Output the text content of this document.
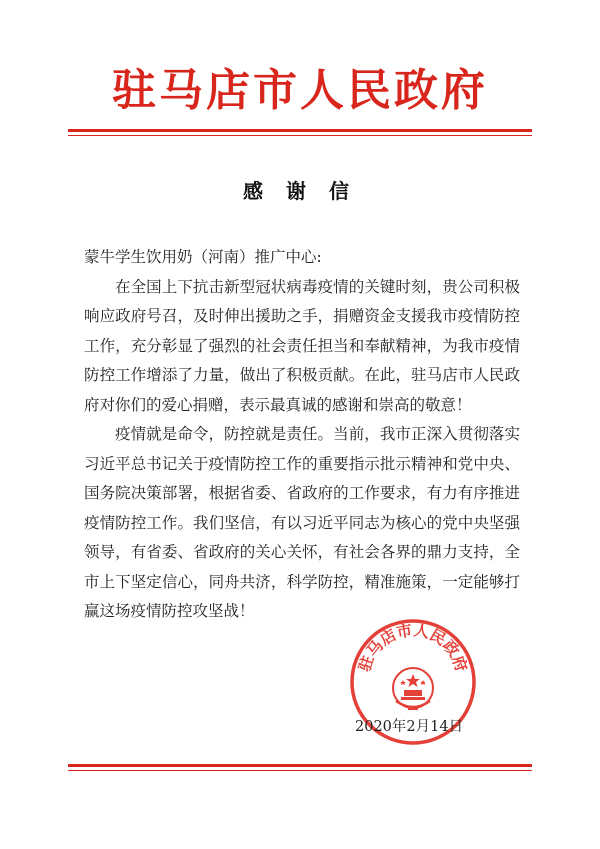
驻马店市人民政府
感 谢 信

蒙牛学生饮用奶（河南）推广中心:

在全国上下抗击新型冠状病毒疫情的关键时刻，贵公司积极响应政府号召，及时伸出援助之手，捐赠资金支援我市疫情防控工作，充分彰显了强烈的社会责任担当和奉献精神，为我市疫情防控工作增添了力量，做出了积极贡献。在此，驻马店市人民政府对你们的爱心捐赠，表示最真诚的感谢和崇高的敬意！

疫情就是命令，防控就是责任。当前，我市正深入贯彻落实习近平总书记关于疫情防控工作的重要指示批示精神和党中央、国务院决策部署，根据省委、省政府的工作要求，有力有序推进疫情防控工作。我们坚信，有以习近平同志为核心的党中央坚强领导，有省委、省政府的关心关怀，有社会各界的鼎力支持，全市上下坚定信心，同舟共济，科学防控，精准施策，一定能够打赢这场疫情防控攻坚战！

驻马店市人民政府
2020年2月14日
